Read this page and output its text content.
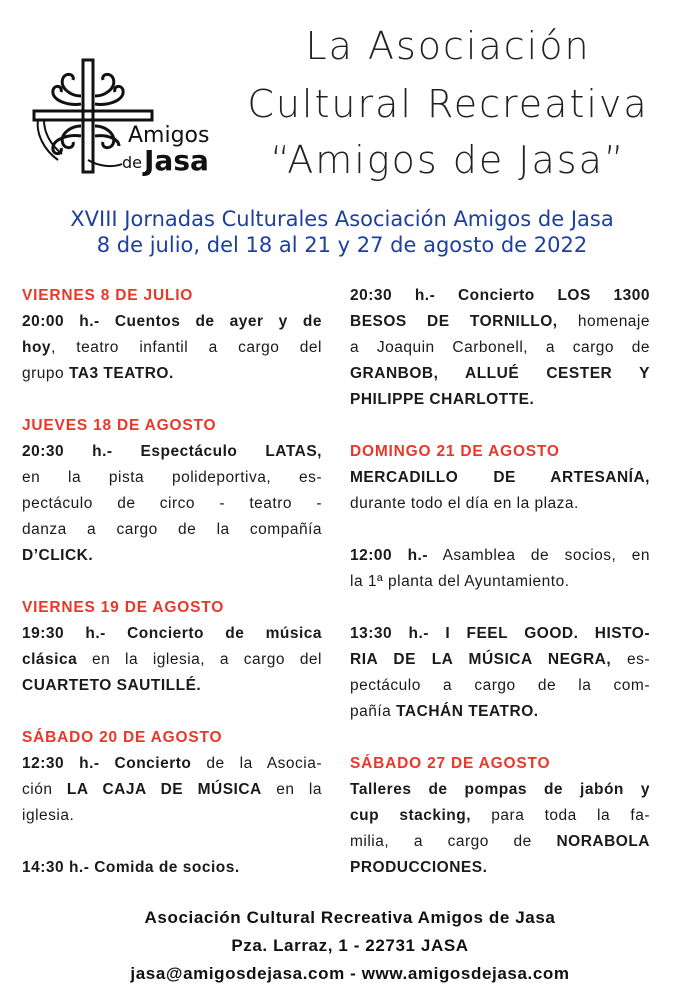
Amigos
de Jasa
La Asociación
Cultural Recreativa
“Amigos de Jasa”
XVIII Jornadas Culturales Asociación Amigos de Jasa
8 de julio, del 18 al 21 y 27 de agosto de 2022
VIERNES 8 DE JULIO
20:00 h.- Cuentos de ayer y de
hoy, teatro infantil a cargo del
grupo TA3 TEATRO.
JUEVES 18 DE AGOSTO
20:30 h.- Espectáculo LATAS,
en la pista polideportiva, es-
pectáculo de circo - teatro -
danza a cargo de la compañía
D’CLICK.
VIERNES 19 DE AGOSTO
19:30 h.- Concierto de música
clásica en la iglesia, a cargo del
CUARTETO SAUTILLÉ.
SÁBADO 20 DE AGOSTO
12:30 h.- Concierto de la Asocia-
ción LA CAJA DE MÚSICA en la
iglesia.
14:30 h.- Comida de socios.
20:30 h.- Concierto LOS 1300
BESOS DE TORNILLO, homenaje
a Joaquin Carbonell, a cargo de
GRANBOB, ALLUÉ CESTER Y
PHILIPPE CHARLOTTE.
DOMINGO 21 DE AGOSTO
MERCADILLO DE ARTESANÍA,
durante todo el día en la plaza.
12:00 h.- Asamblea de socios, en
la 1ª planta del Ayuntamiento.
13:30 h.- I FEEL GOOD. HISTO-
RIA DE LA MÚSICA NEGRA, es-
pectáculo a cargo de la com-
pañía TACHÁN TEATRO.
SÁBADO 27 DE AGOSTO
Talleres de pompas de jabón y
cup stacking, para toda la fa-
milia, a cargo de NORABOLA
PRODUCCIONES.
Asociación Cultural Recreativa Amigos de Jasa
Pza. Larraz, 1 - 22731 JASA
jasa@amigosdejasa.com - www.amigosdejasa.com
